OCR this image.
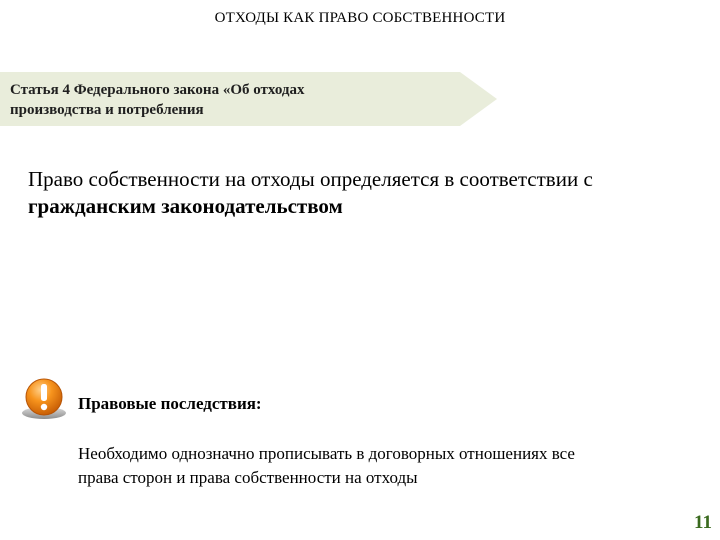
ОТХОДЫ КАК ПРАВО СОБСТВЕННОСТИ
Статья 4 Федерального закона «Об отходах
производства и потребления
Право собственности на отходы определяется в соответствии с
гражданским законодательством
Правовые последствия:
Необходимо однозначно прописывать в договорных отношениях все
права сторон и права собственности на отходы
11
